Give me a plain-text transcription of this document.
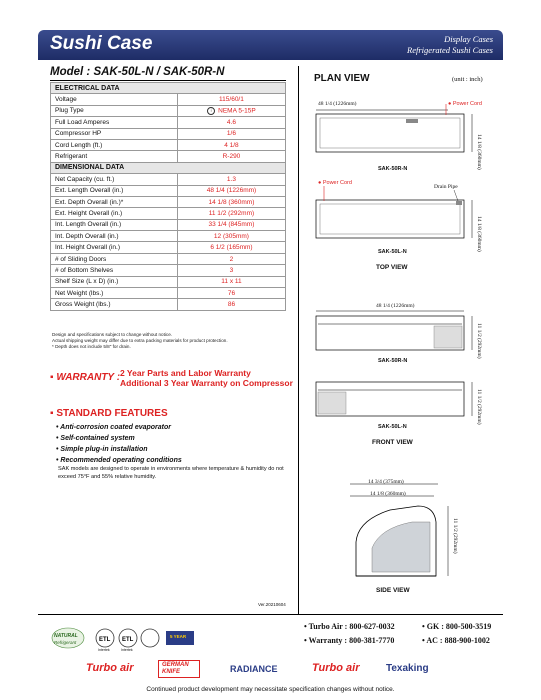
Sushi Case	Display Cases
Refrigerated Sushi Cases
Model : SAK-50L-N / SAK-50R-N
ELECTRICAL DATA	
Voltage	115/60/1
Plug Type	⁝ NEMA 5-15P
Full Load Amperes	4.6
Compressor HP	1/6
Cord Length (ft.)	4 1/8
Refrigerant	R-290
DIMENSIONAL DATA	
Net Capacity (cu. ft.)	1.3
Ext. Length Overall (in.)	48 1/4 (1226mm)
Ext. Depth Overall (in.)*	14 1/8 (360mm)
Ext. Height Overall (in.)	11 1/2 (292mm)
Int. Length Overall (in.)	33 1/4 (845mm)
Int. Depth Overall (in.)	12 (305mm)
Int. Height Overall (in.)	6 1/2 (165mm)
# of Sliding Doors	2
# of Bottom Shelves	3
Shelf Size (L x D) (in.)	11 x 11
Net Weight (lbs.)	76
Gross Weight (lbs.)	86
Design and specifications subject to change without notice.
Actual shipping weight may differ due to extra packing materials for product protection.
* Depth does not include 5/8" for drain.
▪ WARRANTY : 2 Year Parts and Labor Warranty
Additional 3 Year Warranty on Compressor
▪ STANDARD FEATURES
• Anti-corrosion coated evaporator
• Self-contained system
• Simple plug-in installation
• Recommended operating conditions
SAK models are designed to operate in environments where temperature & humidity do not exceed 75°F and 55% relative humidity.
Ver.20210604
PLAN VIEW	(unit : inch)
48 1/4 (1226mm)	● Power Cord
14 1/8 (360mm)
SAK-50R-N
● Power Cord
Drain Pipe
14 1/8 (360mm)
SAK-50L-N
TOP VIEW
48 1/4 (1226mm)
11 1/2 (292mm)
SAK-50R-N
11 1/2 (292mm)
SAK-50L-N
FRONT VIEW
14 3/4 (375mm)
14 1/8 (360mm)
11 1/2 (292mm)
SIDE VIEW
ETL ETL
NATURAL
Refrigerant
Intertek	Intertek
5 YEAR
• Turbo Air : 800-627-0032	• GK : 800-500-3519
• Warranty : 800-381-7770	• AC : 888-900-1002
Turbo air	GERMAN KNIFE	RADIANCE	Turbo air	Texaking
Continued product development may necessitate specification changes without notice.
